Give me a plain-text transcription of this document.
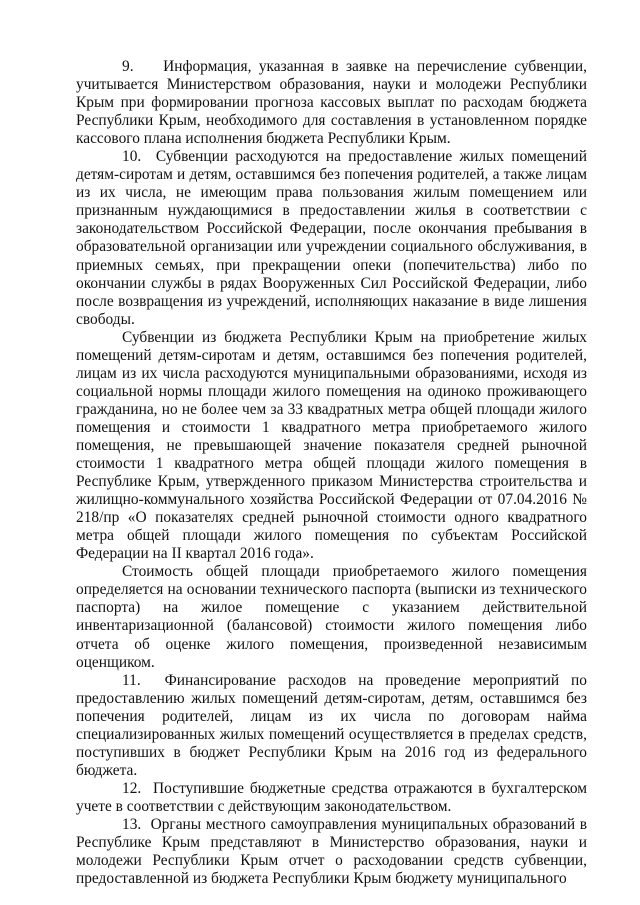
9.    Информация, указанная в заявке на перечисление субвенции, учитывается Министерством образования, науки и молодежи Республики Крым при формировании прогноза кассовых выплат по расходам бюджета Республики Крым, необходимого для составления в установленном порядке кассового плана исполнения бюджета Республики Крым.

10.  Субвенции расходуются на предоставление жилых помещений детям-сиротам и детям, оставшимся без попечения родителей, а также лицам из их числа, не имеющим права пользования жилым помещением или признанным нуждающимися в предоставлении жилья в соответствии с законодательством Российской Федерации, после окончания пребывания в образовательной организации или учреждении социального обслуживания, в приемных семьях, при прекращении опеки (попечительства) либо по окончании службы в рядах Вооруженных Сил Российской Федерации, либо после возвращения из учреждений, исполняющих наказание в виде лишения свободы.

Субвенции из бюджета Республики Крым на приобретение жилых помещений детям-сиротам и детям, оставшимся без попечения родителей, лицам из их числа расходуются муниципальными образованиями, исходя из социальной нормы площади жилого помещения на одиноко проживающего гражданина, но не более чем за 33 квадратных метра общей площади жилого помещения и стоимости 1 квадратного метра приобретаемого жилого помещения, не превышающей значение показателя средней рыночной стоимости 1 квадратного метра общей площади жилого помещения в Республике Крым, утвержденного приказом Министерства строительства и жилищно-коммунального хозяйства Российской Федерации от 07.04.2016 № 218/пр «О показателях средней рыночной стоимости одного квадратного метра общей площади жилого помещения по субъектам Российской Федерации на II квартал 2016 года».

Стоимость общей площади приобретаемого жилого помещения определяется на основании технического паспорта (выписки из технического паспорта) на жилое помещение с указанием действительной инвентаризационной (балансовой) стоимости жилого помещения либо отчета об оценке жилого помещения, произведенной независимым оценщиком.

11.  Финансирование расходов на проведение мероприятий по предоставлению жилых помещений детям-сиротам, детям, оставшимся без попечения родителей, лицам из их числа по договорам найма специализированных жилых помещений осуществляется в пределах средств, поступивших в бюджет Республики Крым на 2016 год из федерального бюджета.

12.  Поступившие бюджетные средства отражаются в бухгалтерском учете в соответствии с действующим законодательством.

13.  Органы местного самоуправления муниципальных образований в Республике Крым представляют в Министерство образования, науки и молодежи Республики Крым отчет о расходовании средств субвенции, предоставленной из бюджета Республики Крым бюджету муниципального
